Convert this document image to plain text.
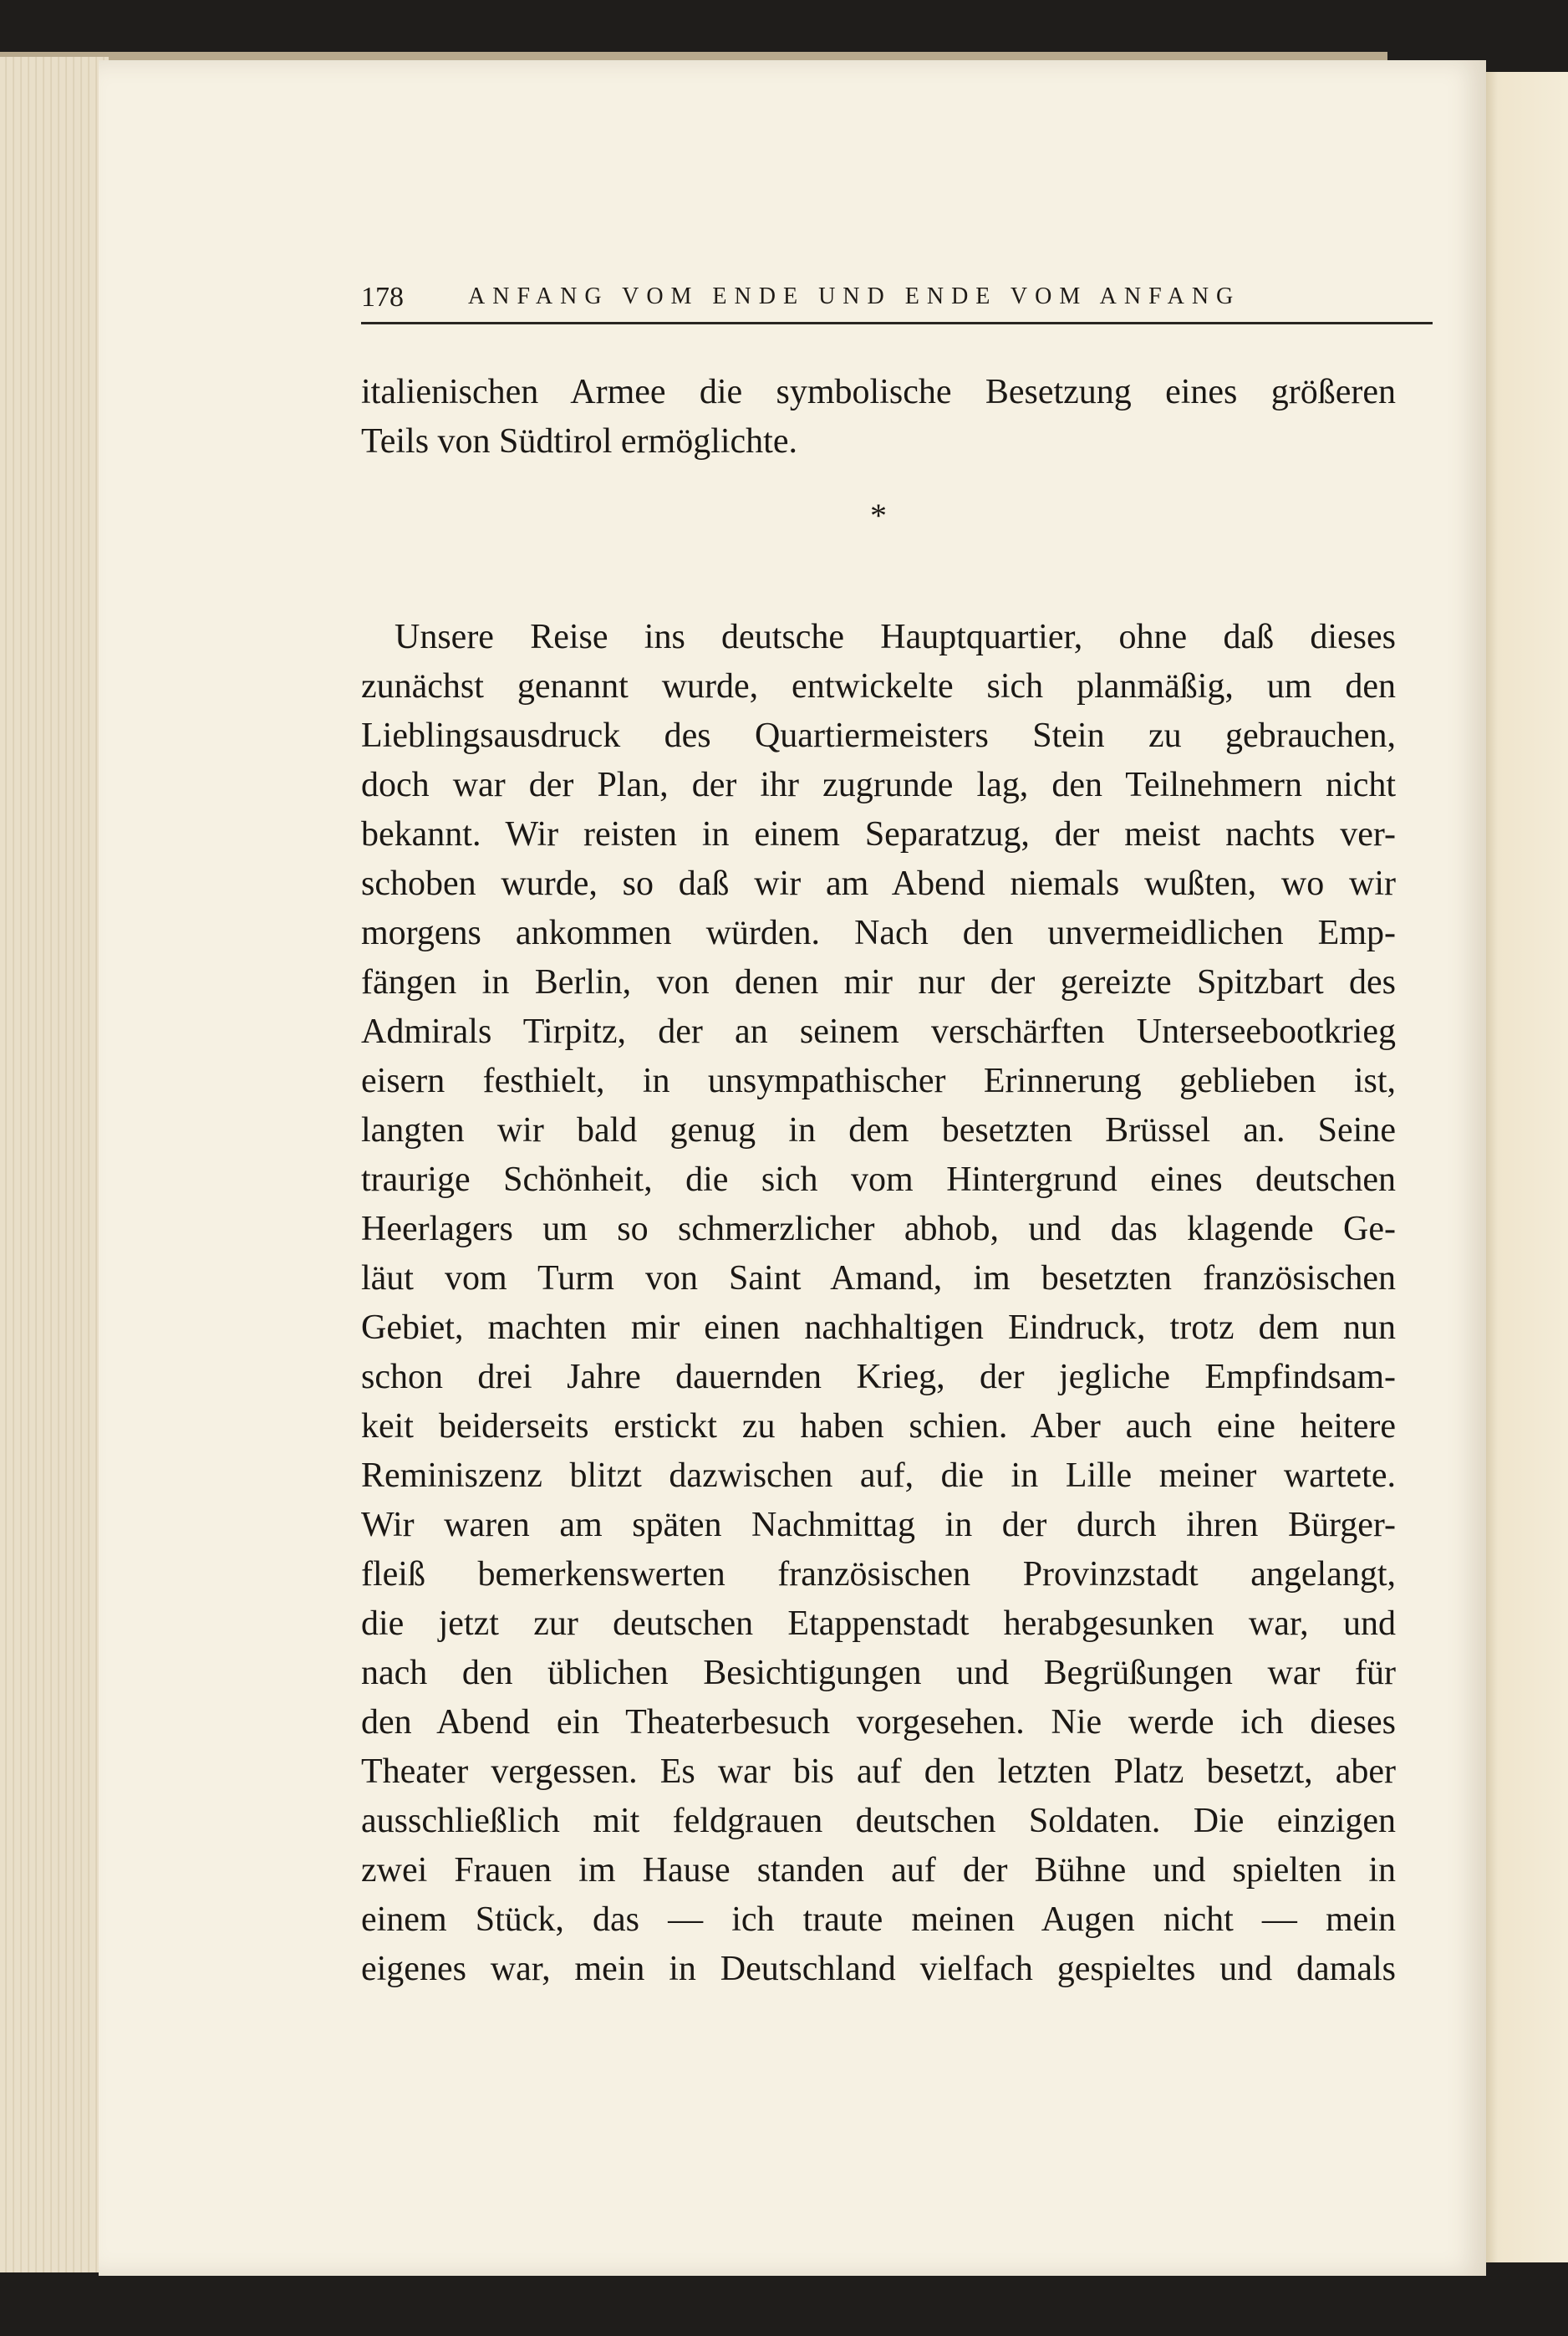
178	ANFANG VOM ENDE UND ENDE VOM ANFANG
italienischen Armee die symbolische Besetzung eines größeren
Teils von Südtirol ermöglichte.
*
Unsere Reise ins deutsche Hauptquartier, ohne daß dieses
zunächst genannt wurde, entwickelte sich planmäßig, um den
Lieblingsausdruck des Quartiermeisters Stein zu gebrauchen,
doch war der Plan, der ihr zugrunde lag, den Teilnehmern nicht
bekannt. Wir reisten in einem Separatzug, der meist nachts ver-
schoben wurde, so daß wir am Abend niemals wußten, wo wir
morgens ankommen würden. Nach den unvermeidlichen Emp-
fängen in Berlin, von denen mir nur der gereizte Spitzbart des
Admirals Tirpitz, der an seinem verschärften Unterseebootkrieg
eisern festhielt, in unsympathischer Erinnerung geblieben ist,
langten wir bald genug in dem besetzten Brüssel an. Seine
traurige Schönheit, die sich vom Hintergrund eines deutschen
Heerlagers um so schmerzlicher abhob, und das klagende Ge-
läut vom Turm von Saint Amand, im besetzten französischen
Gebiet, machten mir einen nachhaltigen Eindruck, trotz dem nun
schon drei Jahre dauernden Krieg, der jegliche Empfindsam-
keit beiderseits erstickt zu haben schien. Aber auch eine heitere
Reminiszenz blitzt dazwischen auf, die in Lille meiner wartete.
Wir waren am späten Nachmittag in der durch ihren Bürger-
fleiß bemerkenswerten französischen Provinzstadt angelangt,
die jetzt zur deutschen Etappenstadt herabgesunken war, und
nach den üblichen Besichtigungen und Begrüßungen war für
den Abend ein Theaterbesuch vorgesehen. Nie werde ich dieses
Theater vergessen. Es war bis auf den letzten Platz besetzt, aber
ausschließlich mit feldgrauen deutschen Soldaten. Die einzigen
zwei Frauen im Hause standen auf der Bühne und spielten in
einem Stück, das — ich traute meinen Augen nicht — mein
eigenes war, mein in Deutschland vielfach gespieltes und damals
